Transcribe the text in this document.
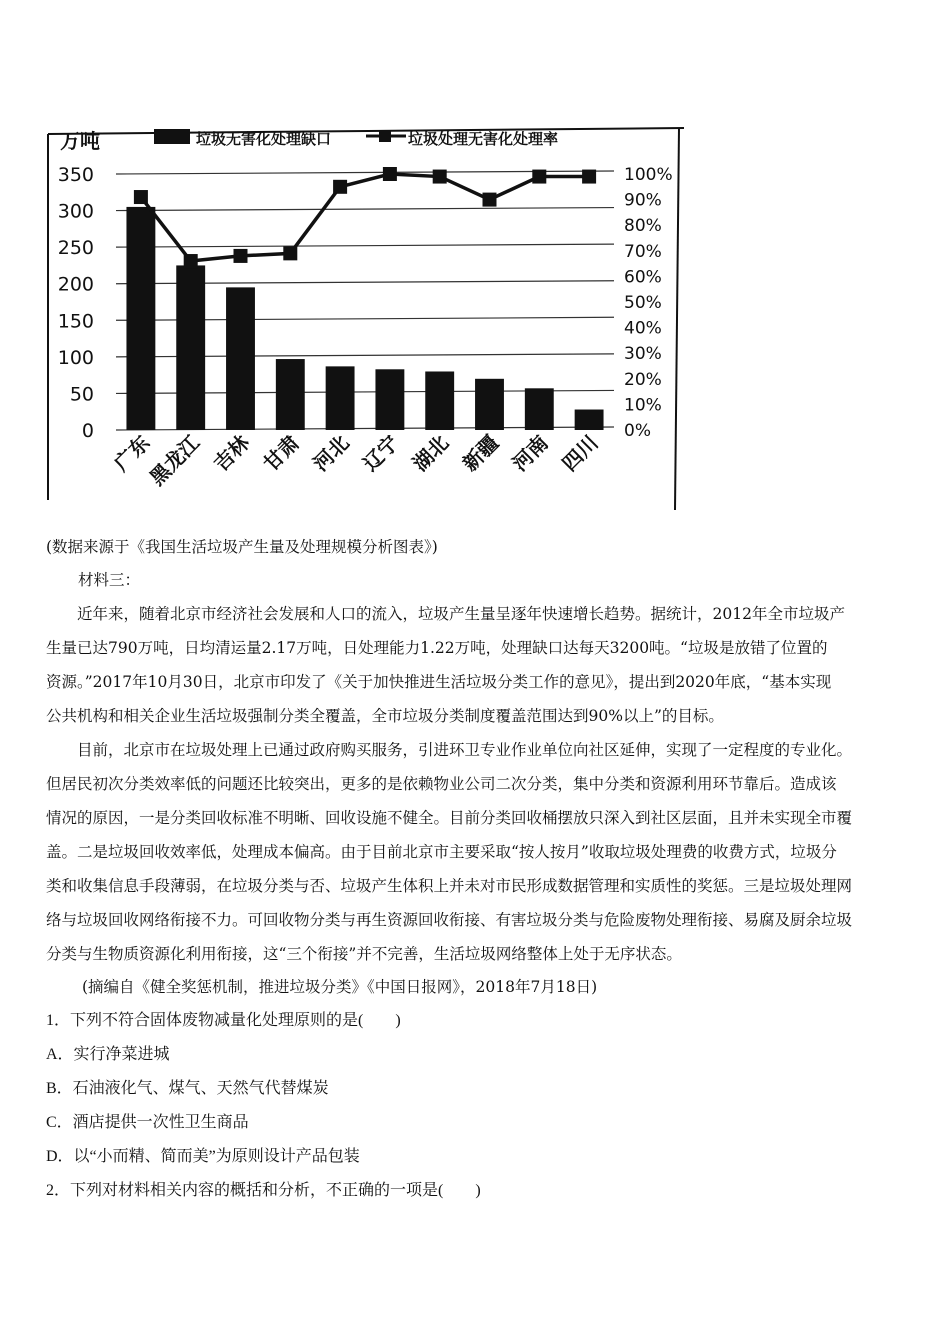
万吨
0
50
100
150
200
250
300
350
0%
10%
20%
30%
40%
50%
60%
70%
80%
90%
100%
垃圾无害化处理缺口	垃圾处理无害化处理率
广东
黑龙江 吉林 甘肃 河北 辽宁 湖北 新疆 河南 四川
(数据来源于《我国生活垃圾产生量及处理规模分析图表》)
材料三：
近年来，随着北京市经济社会发展和人口的流入，垃圾产生量呈逐年快速增长趋势。据统计，2012年全市垃圾产
生量已达790万吨，日均清运量2.17万吨，日处理能力1.22万吨，处理缺口达每天3200吨。“垃圾是放错了位置的
资源。”2017年10月30日，北京市印发了《关于加快推进生活垃圾分类工作的意见》，提出到2020年底，“基本实现
公共机构和相关企业生活垃圾强制分类全覆盖，全市垃圾分类制度覆盖范围达到90%以上”的目标。
目前，北京市在垃圾处理上已通过政府购买服务，引进环卫专业作业单位向社区延伸，实现了一定程度的专业化。
但居民初次分类效率低的问题还比较突出，更多的是依赖物业公司二次分类，集中分类和资源利用环节靠后。造成该
情况的原因，一是分类回收标准不明晰、回收设施不健全。目前分类回收桶摆放只深入到社区层面，且并未实现全市覆
盖。二是垃圾回收效率低，处理成本偏高。由于目前北京市主要采取“按人按月”收取垃圾处理费的收费方式，垃圾分
类和收集信息手段薄弱，在垃圾分类与否、垃圾产生体积上并未对市民形成数据管理和实质性的奖惩。三是垃圾处理网
络与垃圾回收网络衔接不力。可回收物分类与再生资源回收衔接、有害垃圾分类与危险废物处理衔接、易腐及厨余垃圾
分类与生物质资源化利用衔接，这“三个衔接”并不完善，生活垃圾网络整体上处于无序状态。
(摘编自《健全奖惩机制，推进垃圾分类》《中国日报网》，2018年7月18日)
1．下列不符合固体废物减量化处理原则的是(　　)
A．实行净菜进城
B．石油液化气、煤气、天然气代替煤炭
C．酒店提供一次性卫生商品
D．以“小而精、简而美”为原则设计产品包装
2．下列对材料相关内容的概括和分析，不正确的一项是(　　)
